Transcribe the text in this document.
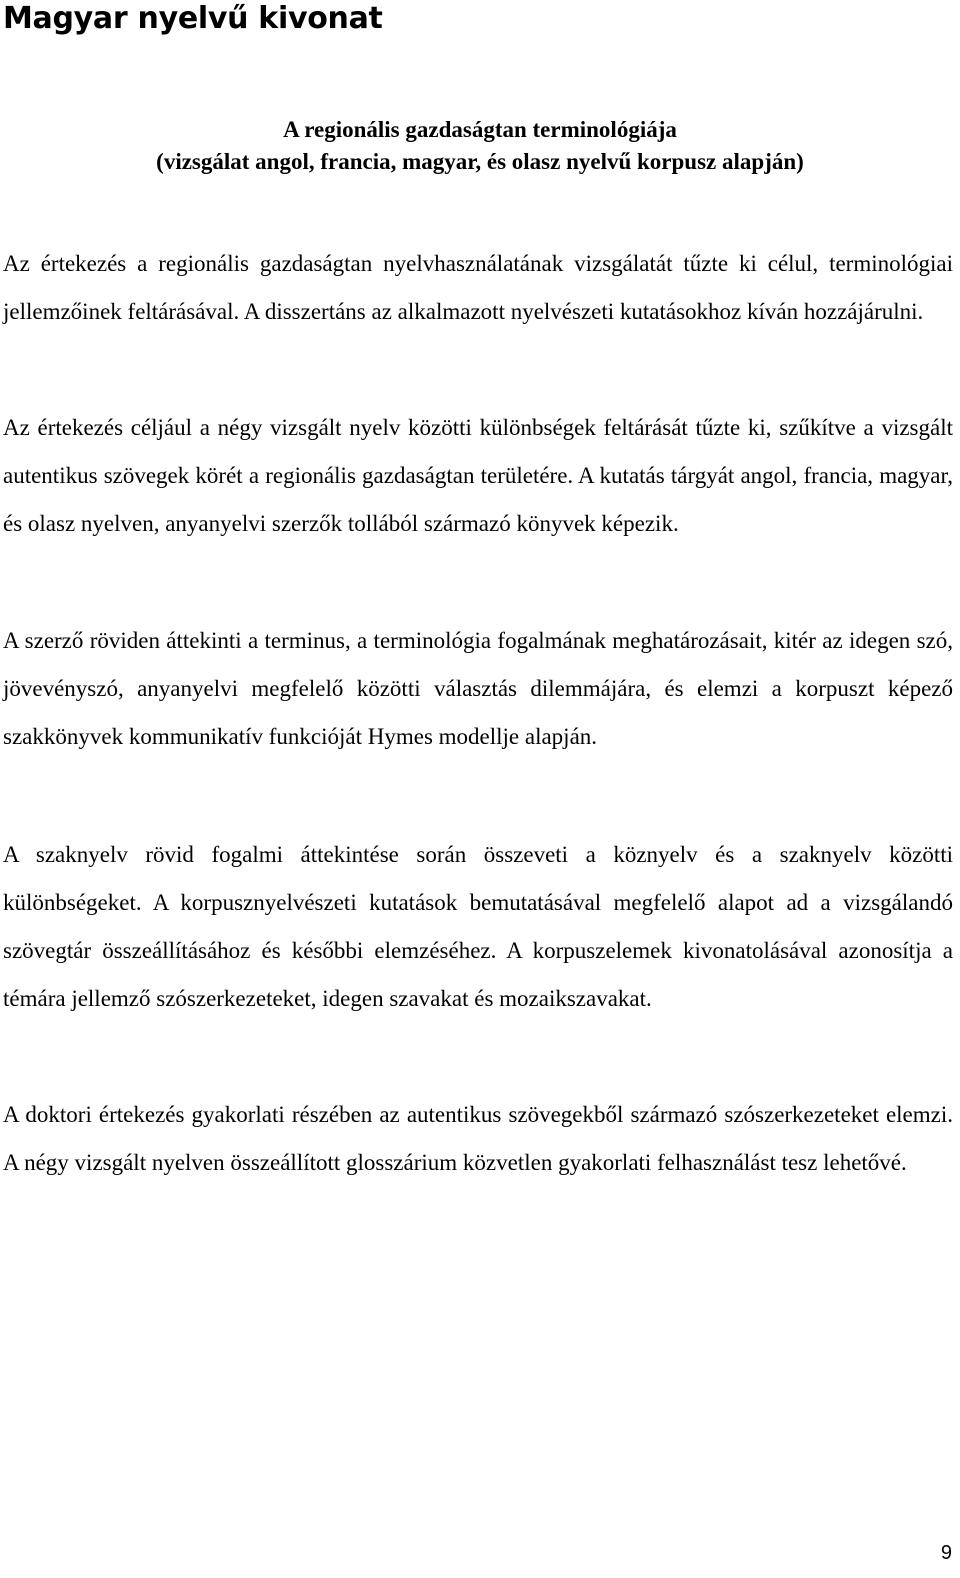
Magyar nyelvű kivonat
A regionális gazdaságtan terminológiája
(vizsgálat angol, francia, magyar, és olasz nyelvű korpusz alapján)

Az értekezés a regionális gazdaságtan nyelvhasználatának vizsgálatát tűzte ki célul, terminológiai jellemzőinek feltárásával. A disszertáns az alkalmazott nyelvészeti kutatásokhoz kíván hozzájárulni.

Az értekezés céljául a négy vizsgált nyelv közötti különbségek feltárását tűzte ki, szűkítve a vizsgált autentikus szövegek körét a regionális gazdaságtan területére. A kutatás tárgyát angol, francia, magyar, és olasz nyelven, anyanyelvi szerzők tollából származó könyvek képezik.

A szerző röviden áttekinti a terminus, a terminológia fogalmának meghatározásait, kitér az idegen szó, jövevényszó, anyanyelvi megfelelő közötti választás dilemmájára, és elemzi a korpuszt képező szakkönyvek kommunikatív funkcióját Hymes modellje alapján.

A szaknyelv rövid fogalmi áttekintése során összeveti a köznyelv és a szaknyelv közötti különbségeket. A korpusznyelvészeti kutatások bemutatásával megfelelő alapot ad a vizsgálandó szövegtár összeállításához és későbbi elemzéséhez. A korpuszelemek kivonatolásával azonosítja a témára jellemző szószerkezeteket, idegen szavakat és mozaikszavakat.

A doktori értekezés gyakorlati részében az autentikus szövegekből származó szószerkezeteket elemzi. A négy vizsgált nyelven összeállított glosszárium közvetlen gyakorlati felhasználást tesz lehetővé.

9
